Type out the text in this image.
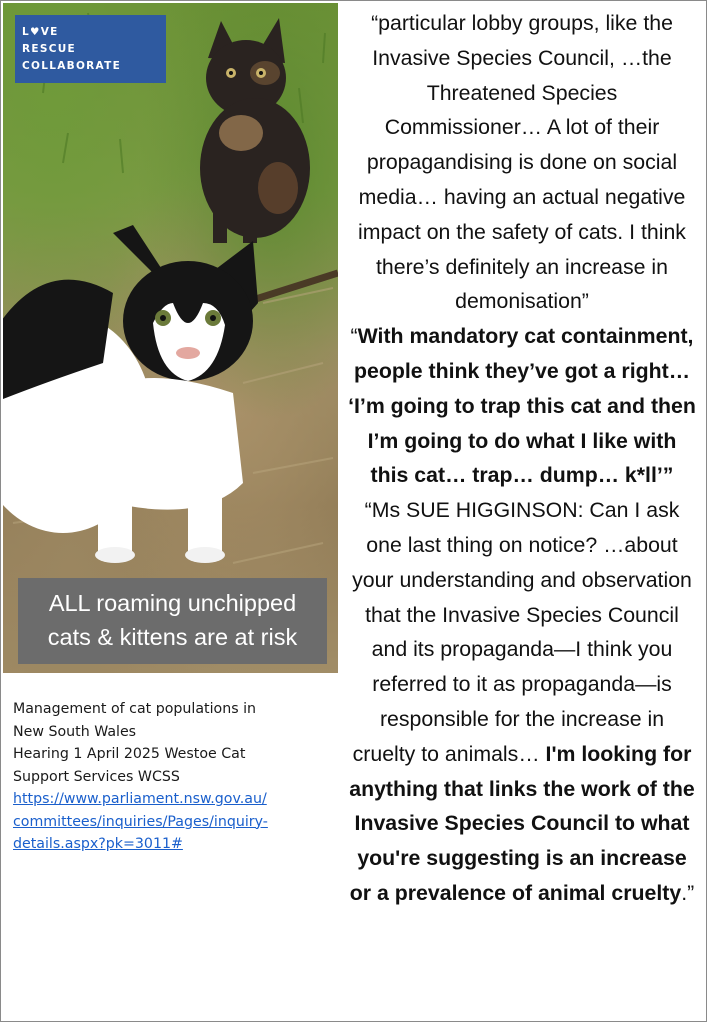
L♥VE
RESCUE
COLLABORATE
ALL roaming unchipped
cats & kittens are at risk
Management of cat populations in
New South Wales
Hearing 1 April 2025 Westoe Cat
Support Services WCSS
https://www.parliament.nsw.gov.au/
committees/inquiries/Pages/inquiry-
details.aspx?pk=3011#

“particular lobby groups, like the Invasive Species Council, …the Threatened Species Commissioner… A lot of their propagandising is done on social media… having an actual negative impact on the safety of cats. I think there’s definitely an increase in demonisation”

“With mandatory cat containment, people think they’ve got a right… ‘I’m going to trap this cat and then I’m going to do what I like with this cat… trap… dump… k*ll’”

“Ms SUE HIGGINSON: Can I ask one last thing on notice? …about your understanding and observation that the Invasive Species Council and its propaganda—I think you referred to it as propaganda—is responsible for the increase in cruelty to animals… I'm looking for anything that links the work of the Invasive Species Council to what you're suggesting is an increase or a prevalence of animal cruelty.”
